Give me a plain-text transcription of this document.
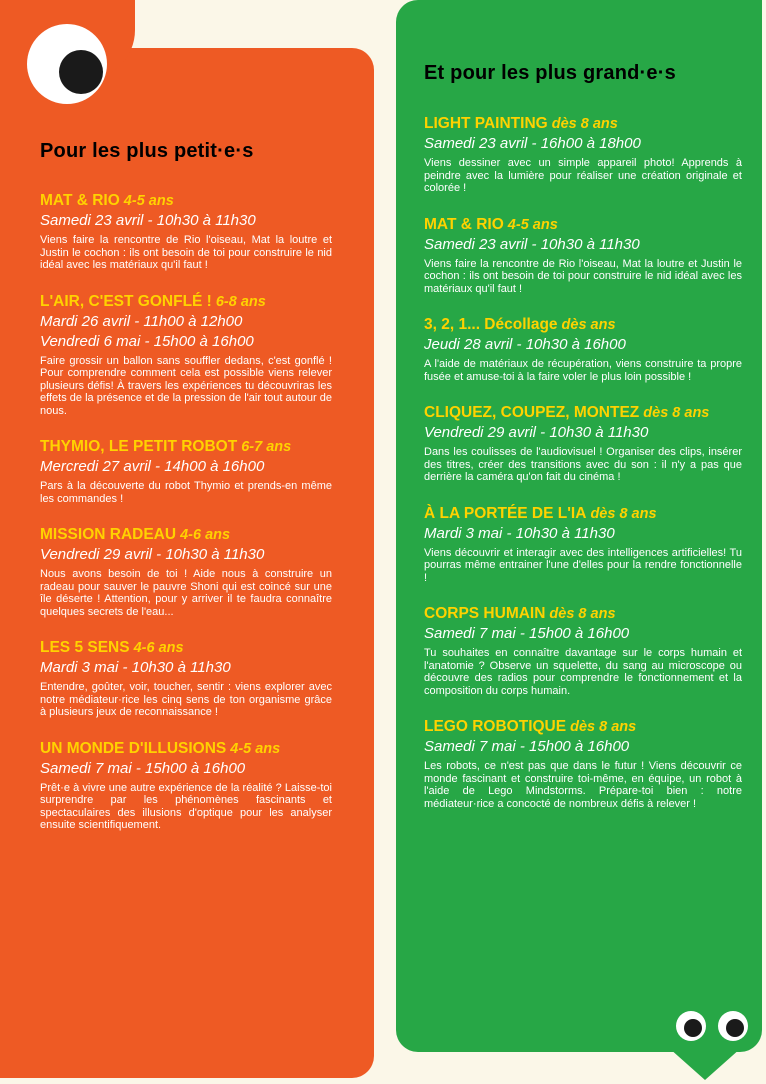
Pour les plus petit·e·s
MAT & RIO 4-5 ans
Samedi 23 avril - 10h30 à 11h30
Viens faire la rencontre de Rio l'oiseau, Mat la loutre et Justin le cochon : ils ont besoin de toi pour construire le nid idéal avec les matériaux qu'il faut !
L'AIR, C'EST GONFLÉ ! 6-8 ans
Mardi 26 avril - 11h00 à 12h00
Vendredi 6 mai - 15h00 à 16h00
Faire grossir un ballon sans souffler dedans, c'est gonflé ! Pour comprendre comment cela est possible viens relever plusieurs défis! À travers les expériences tu découvriras les effets de la présence et de la pression de l'air tout autour de nous.
THYMIO, LE PETIT ROBOT 6-7 ans
Mercredi 27 avril - 14h00 à 16h00
Pars à la découverte du robot Thymio et prends-en même les commandes !
MISSION RADEAU 4-6 ans
Vendredi 29 avril - 10h30 à 11h30
Nous avons besoin de toi ! Aide nous à construire un radeau pour sauver le pauvre Shoni qui est coincé sur une île déserte ! Attention, pour y arriver il te faudra connaître quelques secrets de l'eau...
LES 5 SENS 4-6 ans
Mardi 3 mai - 10h30 à 11h30
Entendre, goûter, voir, toucher, sentir : viens explorer avec notre médiateur·rice les cinq sens de ton organisme grâce à plusieurs jeux de reconnaissance !
UN MONDE D'ILLUSIONS 4-5 ans
Samedi 7 mai - 15h00 à 16h00
Prêt·e à vivre une autre expérience de la réalité ? Laisse-toi surprendre par les phénomènes fascinants et spectaculaires des illusions d'optique pour les analyser ensuite scientifiquement.
Et pour les plus grand·e·s
LIGHT PAINTING dès 8 ans
Samedi 23 avril - 16h00 à 18h00
Viens dessiner avec un simple appareil photo! Apprends à peindre avec la lumière pour réaliser une création originale et colorée !
MAT & RIO 4-5 ans
Samedi 23 avril - 10h30 à 11h30
Viens faire la rencontre de Rio l'oiseau, Mat la loutre et Justin le cochon : ils ont besoin de toi pour construire le nid idéal avec les matériaux qu'il faut !
3, 2, 1... Décollage dès ans
Jeudi 28 avril - 10h30 à 16h00
A l'aide de matériaux de récupération, viens construire ta propre fusée et amuse-toi à la faire voler le plus loin possible !
CLIQUEZ, COUPEZ, MONTEZ dès 8 ans
Vendredi 29 avril - 10h30 à 11h30
Dans les coulisses de l'audiovisuel ! Organiser des clips, insérer des titres, créer des transitions avec du son : il n'y a pas que derrière la caméra qu'on fait du cinéma !
À LA PORTÉE DE L'IA dès 8 ans
Mardi 3 mai - 10h30 à 11h30
Viens découvrir et interagir avec des intelligences artificielles! Tu pourras même entrainer l'une d'elles pour la rendre fonctionnelle !
CORPS HUMAIN dès 8 ans
Samedi 7 mai - 15h00 à 16h00
Tu souhaites en connaître davantage sur le corps humain et l'anatomie ? Observe un squelette, du sang au microscope ou découvre des radios pour comprendre le fonctionnement et la composition du corps humain.
LEGO ROBOTIQUE dès 8 ans
Samedi 7 mai - 15h00 à 16h00
Les robots, ce n'est pas que dans le futur ! Viens découvrir ce monde fascinant et construire toi-même, en équipe, un robot à l'aide de Lego Mindstorms. Prépare-toi bien : notre médiateur·rice a concocté de nombreux défis à relever !
